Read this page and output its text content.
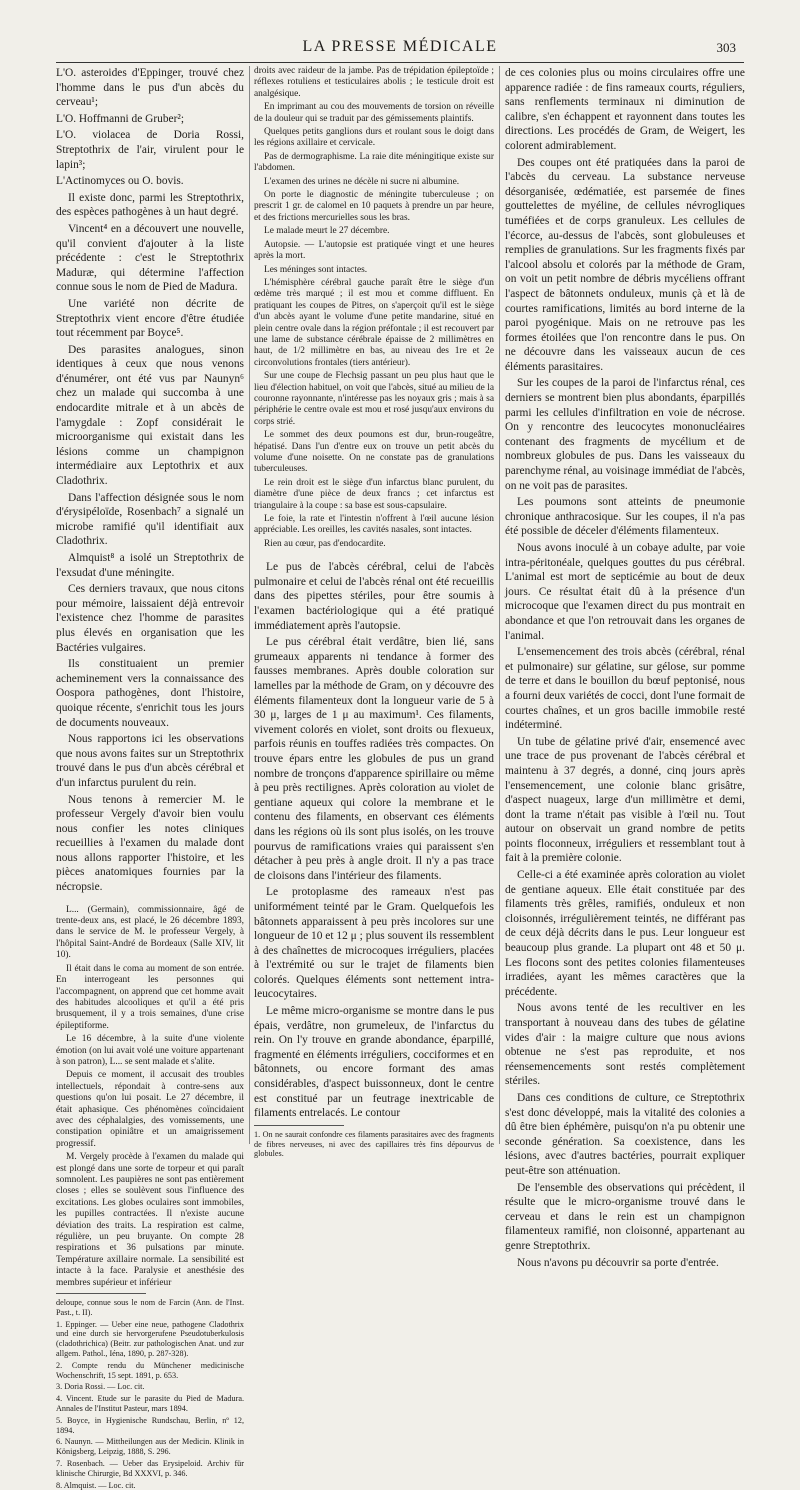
LA PRESSE MÉDICALE	303

L'O. asteroides d'Eppinger, trouvé chez l'homme dans le pus d'un abcès du cerveau¹;

L'O. Hoffmanni de Gruber²;

L'O. violacea de Doria Rossi, Streptothrix de l'air, virulent pour le lapin³;

L'Actinomyces ou O. bovis.

Il existe donc, parmi les Streptothrix, des espèces pathogènes à un haut degré.

Vincent⁴ en a découvert une nouvelle, qu'il convient d'ajouter à la liste précédente : c'est le Streptothrix Maduræ, qui détermine l'affection connue sous le nom de Pied de Madura.

Une variété non décrite de Streptothrix vient encore d'être étudiée tout récemment par Boyce⁵.

Des parasites analogues, sinon identiques à ceux que nous venons d'énumérer, ont été vus par Naunyn⁶ chez un malade qui succomba à une endocardite mitrale et à un abcès de l'amygdale : Zopf considérait le microorganisme qui existait dans les lésions comme un champignon intermédiaire aux Leptothrix et aux Cladothrix.

Dans l'affection désignée sous le nom d'érysipéloïde, Rosenbach⁷ a signalé un microbe ramifié qu'il identifiait aux Cladothrix.

Almquist⁸ a isolé un Streptothrix de l'exsudat d'une méningite.

Ces derniers travaux, que nous citons pour mémoire, laissaient déjà entrevoir l'existence chez l'homme de parasites plus élevés en organisation que les Bactéries vulgaires.

Ils constituaient un premier acheminement vers la connaissance des Oospora pathogènes, dont l'histoire, quoique récente, s'enrichit tous les jours de documents nouveaux.

Nous rapportons ici les observations que nous avons faites sur un Streptothrix trouvé dans le pus d'un abcès cérébral et d'un infarctus purulent du rein.

Nous tenons à remercier M. le professeur Vergely d'avoir bien voulu nous confier les notes cliniques recueillies à l'examen du malade dont nous allons rapporter l'histoire, et les pièces anatomiques fournies par la nécropsie.

L... (Germain), commissionnaire, âgé de trente-deux ans, est placé, le 26 décembre 1893, dans le service de M. le professeur Vergely, à l'hôpital Saint-André de Bordeaux (Salle XIV, lit 10).

Il était dans le coma au moment de son entrée. En interrogeant les personnes qui l'accompagnent, on apprend que cet homme avait des habitudes alcooliques et qu'il a été pris brusquement, il y a trois semaines, d'une crise épileptiforme.

Le 16 décembre, à la suite d'une violente émotion (on lui avait volé une voiture appartenant à son patron), L... se sent malade et s'alite.

Depuis ce moment, il accusait des troubles intellectuels, répondait à contre-sens aux questions qu'on lui posait. Le 27 décembre, il était aphasique. Ces phénomènes coïncidaient avec des céphalalgies, des vomissements, une constipation opiniâtre et un amaigrissement progressif.

M. Vergely procède à l'examen du malade qui est plongé dans une sorte de torpeur et qui paraît somnolent. Les paupières ne sont pas entièrement closes ; elles se soulèvent sous l'influence des excitations. Les globes oculaires sont immobiles, les pupilles contractées. Il n'existe aucune déviation des traits. La respiration est calme, régulière, un peu bruyante. On compte 28 respirations et 36 pulsations par minute. Température axillaire normale. La sensibilité est intacte à la face. Paralysie et anesthésie des membres supérieur et inférieur

deloupe, connue sous le nom de Farcin (Ann. de l'Inst. Past., t. II).

1. Eppinger. — Ueber eine neue, pathogene Cladothrix und eine durch sie hervorgerufene Pseudotuberkulosis (cladothrichica) (Beitr. zur pathologischen Anat. und zur allgem. Pathol., Iéna, 1890, p. 287-328).

2. Compte rendu du Münchener medicinische Wochenschrift, 15 sept. 1891, p. 653.

3. Doria Rossi. — Loc. cit.

4. Vincent. Etude sur le parasite du Pied de Madura. Annales de l'Institut Pasteur, mars 1894.

5. Boyce, in Hygienische Rundschau, Berlin, nº 12, 1894.

6. Naunyn. — Mittheilungen aus der Medicin. Klinik in Königsberg, Leipzig, 1888, S. 296.

7. Rosenbach. — Ueber das Erysipeloid. Archiv für klinische Chirurgie, Bd XXXVI, p. 346.

8. Almquist. — Loc. cit.

droits avec raideur de la jambe. Pas de trépidation épileptoïde ; réflexes rotuliens et testiculaires abolis ; le testicule droit est analgésique.

En imprimant au cou des mouvements de torsion on réveille de la douleur qui se traduit par des gémissements plaintifs.

Quelques petits ganglions durs et roulant sous le doigt dans les régions axillaire et cervicale.

Pas de dermographisme. La raie dite méningitique existe sur l'abdomen.

L'examen des urines ne décèle ni sucre ni albumine.

On porte le diagnostic de méningite tuberculeuse ; on prescrit 1 gr. de calomel en 10 paquets à prendre un par heure, et des frictions mercurielles sous les bras.

Le malade meurt le 27 décembre.

Autopsie. — L'autopsie est pratiquée vingt et une heures après la mort.

Les méninges sont intactes.

L'hémisphère cérébral gauche paraît être le siège d'un œdème très marqué ; il est mou et comme diffluent. En pratiquant les coupes de Pitres, on s'aperçoit qu'il est le siège d'un abcès ayant le volume d'une petite mandarine, situé en plein centre ovale dans la région préfontale ; il est recouvert par une lame de substance cérébrale épaisse de 2 millimètres en haut, de 1/2 millimètre en bas, au niveau des 1re et 2e circonvolutions frontales (tiers antérieur).

Sur une coupe de Flechsig passant un peu plus haut que le lieu d'élection habituel, on voit que l'abcès, situé au milieu de la couronne rayonnante, n'intéresse pas les noyaux gris ; mais à sa périphérie le centre ovale est mou et rosé jusqu'aux environs du corps strié.

Le sommet des deux poumons est dur, brun-rougeâtre, hépatisé. Dans l'un d'entre eux on trouve un petit abcès du volume d'une noisette. On ne constate pas de granulations tuberculeuses.

Le rein droit est le siège d'un infarctus blanc purulent, du diamètre d'une pièce de deux francs ; cet infarctus est triangulaire à la coupe : sa base est sous-capsulaire.

Le foie, la rate et l'intestin n'offrent à l'œil aucune lésion appréciable. Les oreilles, les cavités nasales, sont intactes.

Rien au cœur, pas d'endocardite.

Le pus de l'abcès cérébral, celui de l'abcès pulmonaire et celui de l'abcès rénal ont été recueillis dans des pipettes stériles, pour être soumis à l'examen bactériologique qui a été pratiqué immédiatement après l'autopsie.

Le pus cérébral était verdâtre, bien lié, sans grumeaux apparents ni tendance à former des fausses membranes. Après double coloration sur lamelles par la méthode de Gram, on y découvre des éléments filamenteux dont la longueur varie de 5 à 30 μ, larges de 1 μ au maximum¹. Ces filaments, vivement colorés en violet, sont droits ou flexueux, parfois réunis en touffes radiées très compactes. On trouve épars entre les globules de pus un grand nombre de tronçons d'apparence spirillaire ou même à peu près rectilignes. Après coloration au violet de gentiane aqueux qui colore la membrane et le contenu des filaments, en observant ces éléments dans les régions où ils sont plus isolés, on les trouve pourvus de ramifications vraies qui paraissent s'en détacher à peu près à angle droit. Il n'y a pas trace de cloisons dans l'intérieur des filaments.

Le protoplasme des rameaux n'est pas uniformément teinté par le Gram. Quelquefois les bâtonnets apparaissent à peu près incolores sur une longueur de 10 et 12 μ ; plus souvent ils ressemblent à des chaînettes de microcoques irréguliers, placées à l'extrémité ou sur le trajet de filaments bien colorés. Quelques éléments sont nettement intra-leucocytaires.

Le même micro-organisme se montre dans le pus épais, verdâtre, non grumeleux, de l'infarctus du rein. On l'y trouve en grande abondance, éparpillé, fragmenté en éléments irréguliers, cocciformes et en bâtonnets, ou encore formant des amas considérables, d'aspect buissonneux, dont le centre est constitué par un feutrage inextricable de filaments entrelacés. Le contour

1. On ne saurait confondre ces filaments parasitaires avec des fragments de fibres nerveuses, ni avec des capillaires très fins dépourvus de globules.

de ces colonies plus ou moins circulaires offre une apparence radiée : de fins rameaux courts, réguliers, sans renflements terminaux ni diminution de calibre, s'en échappent et rayonnent dans toutes les directions. Les procédés de Gram, de Weigert, les colorent admirablement.

Des coupes ont été pratiquées dans la paroi de l'abcès du cerveau. La substance nerveuse désorganisée, œdématiée, est parsemée de fines gouttelettes de myéline, de cellules névrogliques tuméfiées et de corps granuleux. Les cellules de l'écorce, au-dessus de l'abcès, sont globuleuses et remplies de granulations. Sur les fragments fixés par l'alcool absolu et colorés par la méthode de Gram, on voit un petit nombre de débris mycéliens offrant l'aspect de bâtonnets onduleux, munis çà et là de courtes ramifications, limités au bord interne de la paroi pyogénique. Mais on ne retrouve pas les formes étoilées que l'on rencontre dans le pus. On ne découvre dans les vaisseaux aucun de ces éléments parasitaires.

Sur les coupes de la paroi de l'infarctus rénal, ces derniers se montrent bien plus abondants, éparpillés parmi les cellules d'infiltration en voie de nécrose. On y rencontre des leucocytes mononucléaires contenant des fragments de mycélium et de nombreux globules de pus. Dans les vaisseaux du parenchyme rénal, au voisinage immédiat de l'abcès, on ne voit pas de parasites.

Les poumons sont atteints de pneumonie chronique anthracosique. Sur les coupes, il n'a pas été possible de déceler d'éléments filamenteux.

Nous avons inoculé à un cobaye adulte, par voie intra-péritonéale, quelques gouttes du pus cérébral. L'animal est mort de septicémie au bout de deux jours. Ce résultat était dû à la présence d'un microcoque que l'examen direct du pus montrait en abondance et que l'on retrouvait dans les organes de l'animal.

L'ensemencement des trois abcès (cérébral, rénal et pulmonaire) sur gélatine, sur gélose, sur pomme de terre et dans le bouillon du bœuf peptonisé, nous a fourni deux variétés de cocci, dont l'une formait de courtes chaînes, et un gros bacille immobile resté indéterminé.

Un tube de gélatine privé d'air, ensemencé avec une trace de pus provenant de l'abcès cérébral et maintenu à 37 degrés, a donné, cinq jours après l'ensemencement, une colonie blanc grisâtre, d'aspect nuageux, large d'un millimètre et demi, dont la trame n'était pas visible à l'œil nu. Tout autour on observait un grand nombre de petits points floconneux, irréguliers et ressemblant tout à fait à la première colonie.

Celle-ci a été examinée après coloration au violet de gentiane aqueux. Elle était constituée par des filaments très grêles, ramifiés, onduleux et non cloisonnés, irrégulièrement teintés, ne différant pas de ceux déjà décrits dans le pus. Leur longueur est beaucoup plus grande. La plupart ont 48 et 50 μ. Les flocons sont des petites colonies filamenteuses irradiées, ayant les mêmes caractères que la précédente.

Nous avons tenté de les recultiver en les transportant à nouveau dans des tubes de gélatine vides d'air : la maigre culture que nous avions obtenue ne s'est pas reproduite, et nos réensemencements sont restés complètement stériles.

Dans ces conditions de culture, ce Streptothrix s'est donc développé, mais la vitalité des colonies a dû être bien éphémère, puisqu'on n'a pu obtenir une seconde génération. Sa coexistence, dans les lésions, avec d'autres bactéries, pourrait expliquer peut-être son atténuation.

De l'ensemble des observations qui précèdent, il résulte que le micro-organisme trouvé dans le cerveau et dans le rein est un champignon filamenteux ramifié, non cloisonné, appartenant au genre Streptothrix.

Nous n'avons pu découvrir sa porte d'entrée.
